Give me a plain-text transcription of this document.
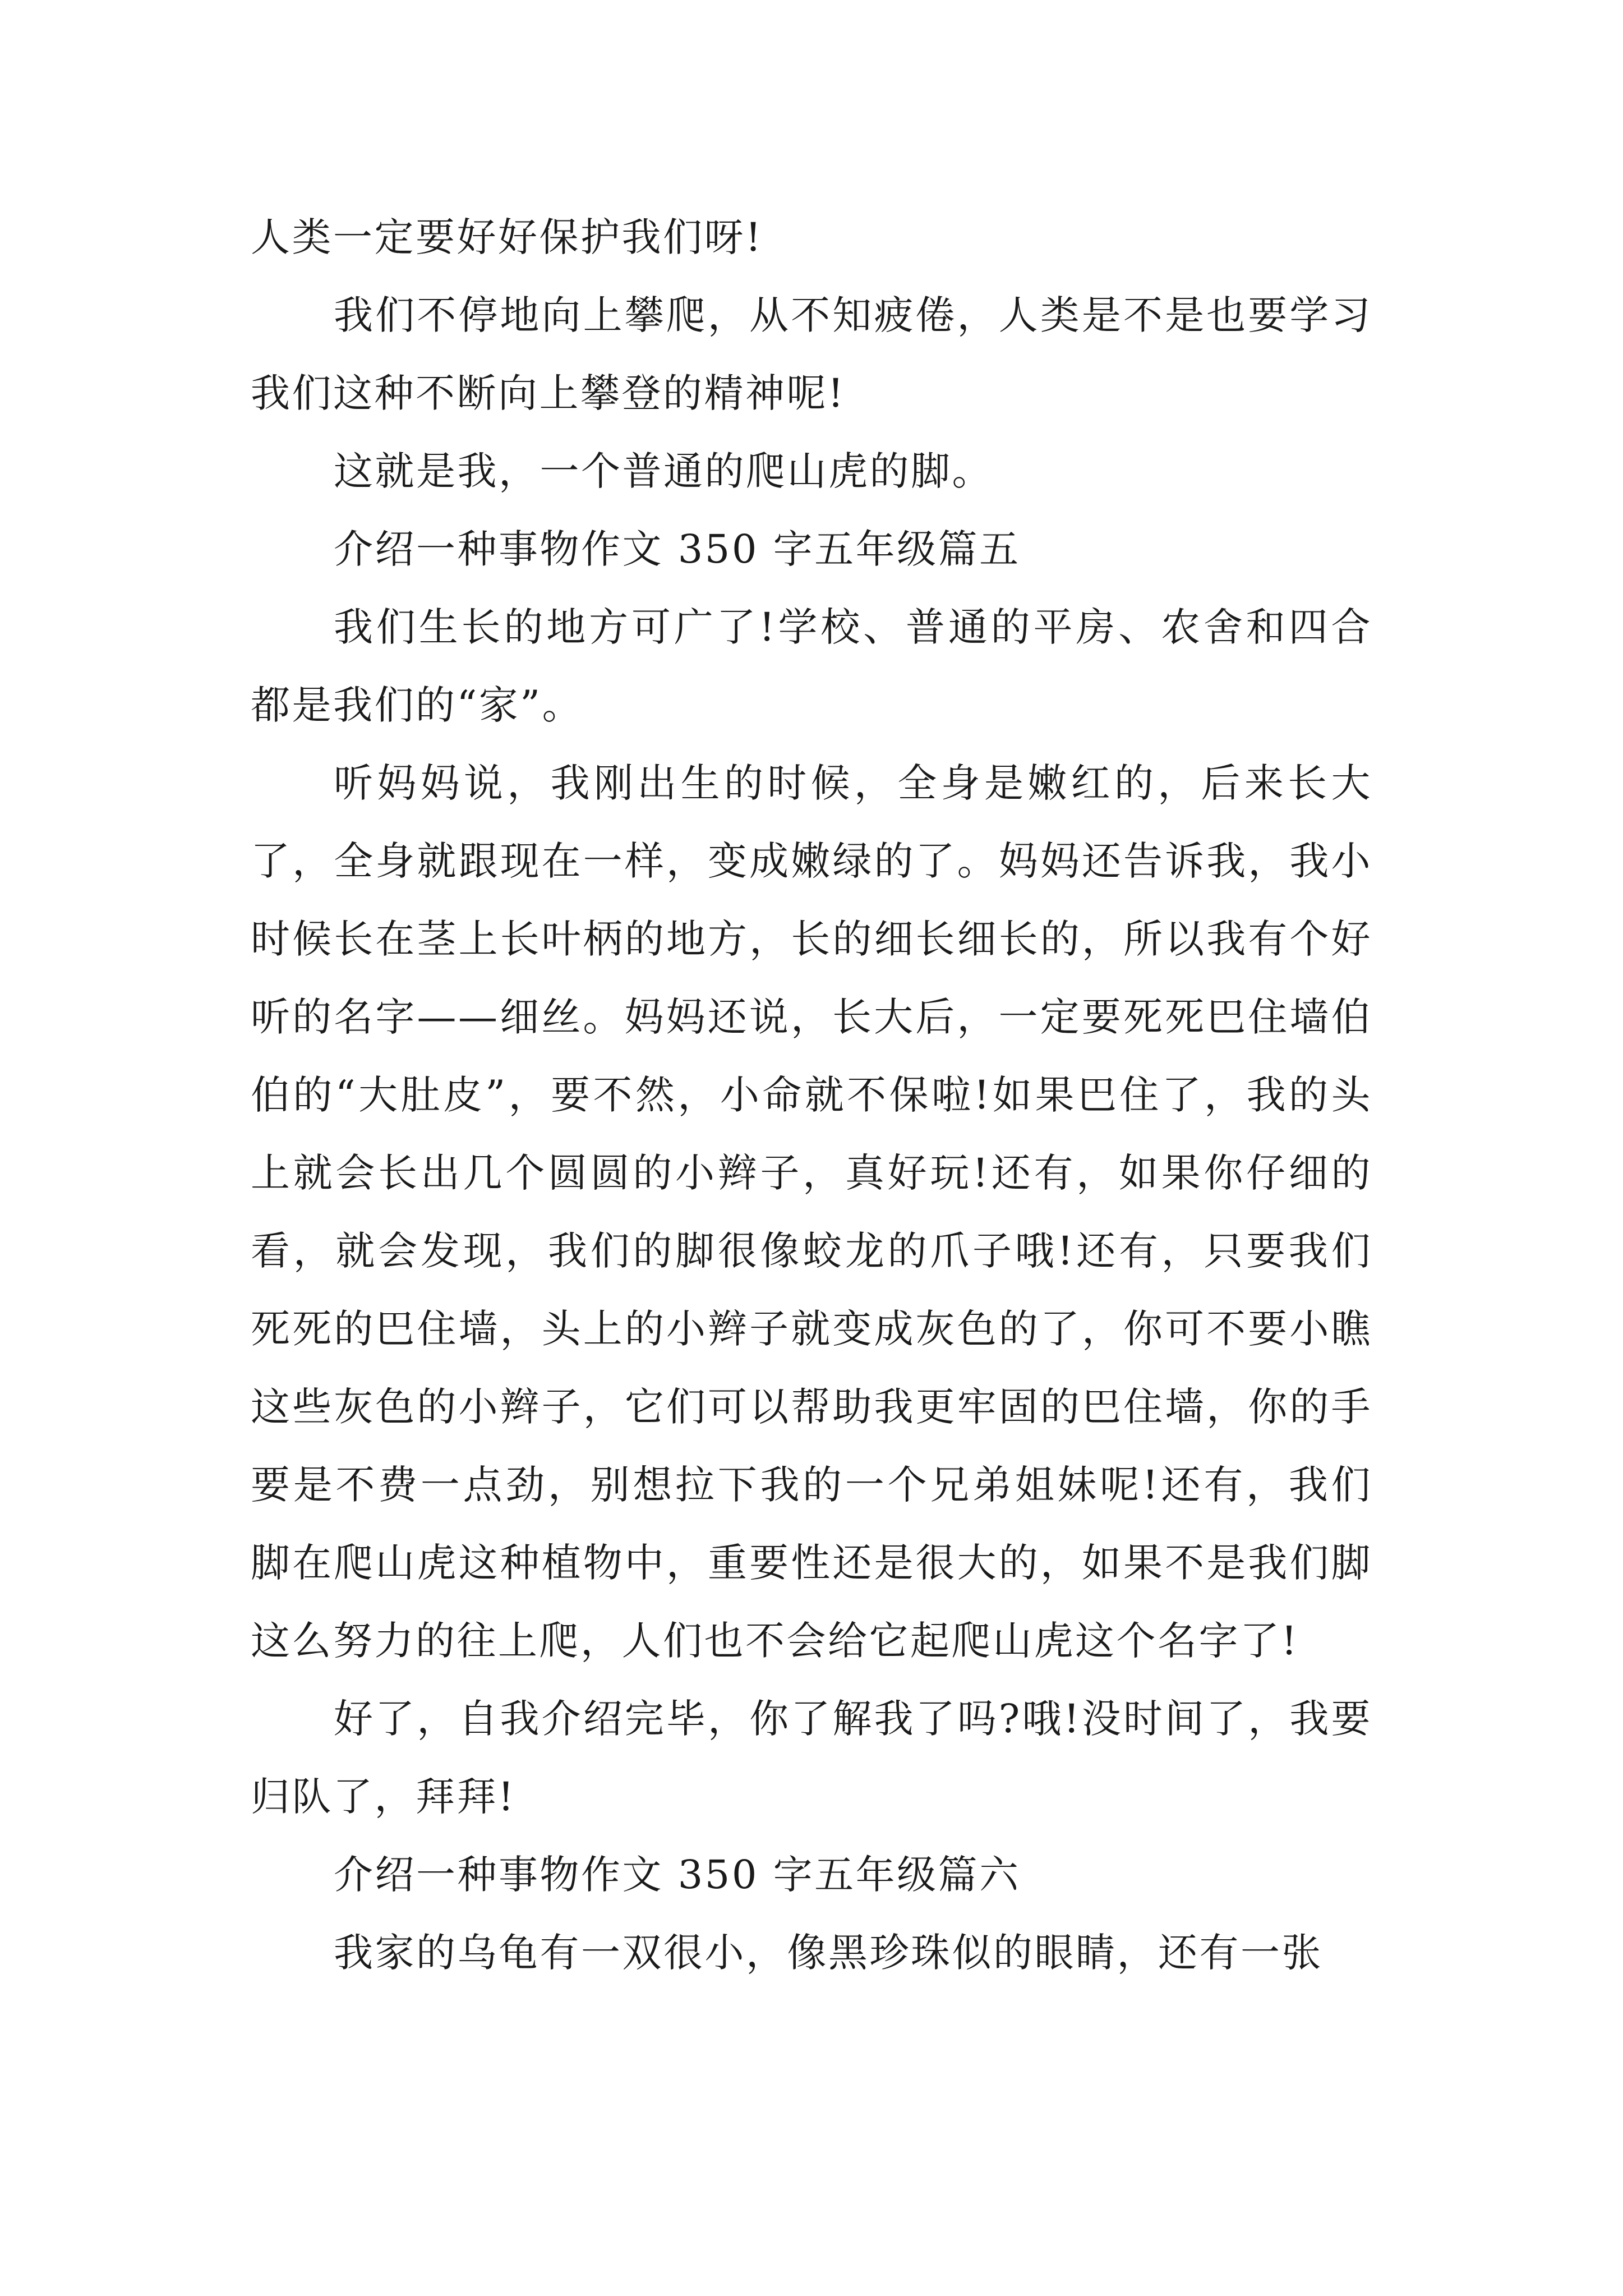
人类一定要好好保护我们呀!

我们不停地向上攀爬，从不知疲倦，人类是不是也要学习我们这种不断向上攀登的精神呢!

这就是我，一个普通的爬山虎的脚。

介绍一种事物作文 350 字五年级篇五

我们生长的地方可广了!学校、普通的平房、农舍和四合都是我们的“家”。

听妈妈说，我刚出生的时候，全身是嫩红的，后来长大了，全身就跟现在一样，变成嫩绿的了。妈妈还告诉我，我小时候长在茎上长叶柄的地方，长的细长细长的，所以我有个好听的名字——细丝。妈妈还说，长大后，一定要死死巴住墙伯伯的“大肚皮”，要不然，小命就不保啦!如果巴住了，我的头上就会长出几个圆圆的小辫子，真好玩!还有，如果你仔细的看，就会发现，我们的脚很像蛟龙的爪子哦!还有，只要我们死死的巴住墙，头上的小辫子就变成灰色的了，你可不要小瞧这些灰色的小辫子，它们可以帮助我更牢固的巴住墙，你的手要是不费一点劲，别想拉下我的一个兄弟姐妹呢!还有，我们脚在爬山虎这种植物中，重要性还是很大的，如果不是我们脚这么努力的往上爬，人们也不会给它起爬山虎这个名字了!

好了，自我介绍完毕，你了解我了吗?哦!没时间了，我要归队了，拜拜!

介绍一种事物作文 350 字五年级篇六

我家的乌龟有一双很小，像黑珍珠似的眼睛，还有一张
